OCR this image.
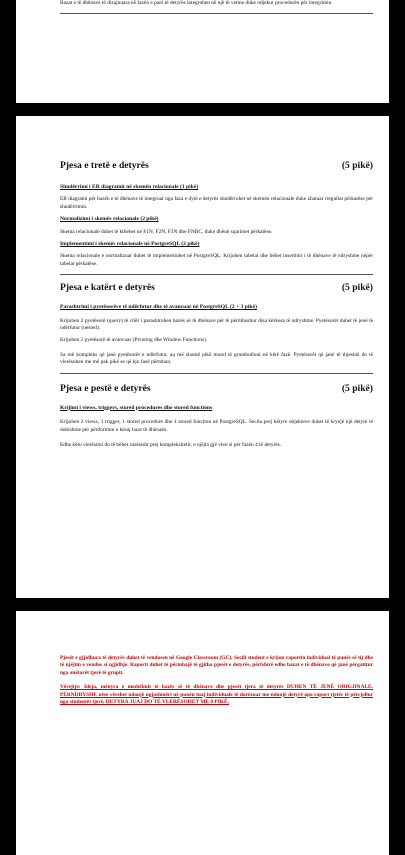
Bazat e të dhënave të dizajnuara në fazën e parë të detyrës integrohen në një të vetme duke ndjekur procedurën për integrimin.

Pjesa e tretë e detyrës	(5 pikë)
Shndërrimi i ER diagramit në skemën relacionale (1 pikë)

ER diagrami për bazën e të dhënave të integruar nga faza e dytë e detyrës shndërrohet në skemën relacionale duke zbatuar rregullat përkatëse për shndërrimin.

Normalizimi i skemës relacionale (2 pikë)

Skema relacionale duhet të kthehet në F1N, F2N, F3N dhe FNBC, duke dhënë sqarimet përkatëse.

Implementimi i skemës relacionale në PostgreSQL (2 pikë)

Skema relacionale e normalizuar duhet të implementohet në PostgreSQL. Krijohen tabelat dhe bëhet insertimi i të dhënave të ndryshme nëpër tabelat përkatëse.

Pjesa e katërt e detyrës	(5 pikë)
Parashtrimi i pyetësorëve të ndërfutur dhe të avancuar në PostgreSQL (2 + 3 pikë)

Krijohen 2 pyetësorë (query) të cilët i parashtrohen bazës së të dhënave për të përmbushur disa kërkesa të ndryshme. Pyetësorët duhet të jenë të ndërfutur (nested).

Krijohen 2 pyetësorë të avancuar (Pivoting dhe Window Functions).

Sa më kompleks që janë pyetësorët e ndërfutur, aq më shumë pikë mund të grumbulloni në këtë fazë. Pyetësorët që janë të thjeshtë do të vlerësohen me më pak pikë se që kjo fazë përmban.

Pjesa e pestë e detyrës	(5 pikë)
Krijimi i views, triggers, stored procedures dhe stored functions

Krijohen 2 views, 1 trigger, 1 stored procedure dhe 1 stored function në PostgreSQL. Secila prej këtyre objekteve duhet të kryejë një detyrë të dobishme për përdorimin e kësaj baze të dhënash.

Edhe këtu vlerësimi do të bëhet varësisht prej kompleksitetit, e njëjta gjë vlen si për fazën 4 të detyrës.

Pjesët e gjjidhura të detyrës duhet të vendosen në Google Classroom (GC). Secili student e krijon raportin individual të punës së tij dhe të njëjtin e vendos si zgjidhje. Raporti duhet të përmbajë të gjitha pjesët e detyrës, përfshirë edhe bazat e të dhënave që janë përgatitur nga anëtarët tjerë të grupit.

Vërejtje: Ideja, mënyra e modelimit të bazës së të dhënave dhe pjesët tjera të detyrës DUHEN TË JENË ORIGJINALE. PËRNDRYSHE nëse vërehet ndonjë ngjashmëri në punën tuaj individuale të dorëzuar me ndonjë detyrë apo raport tjetër të përcjellur nga studentët tjerë, DETYRA JUAJ DO TË VLERËSOHET ME 0 PIKË.
